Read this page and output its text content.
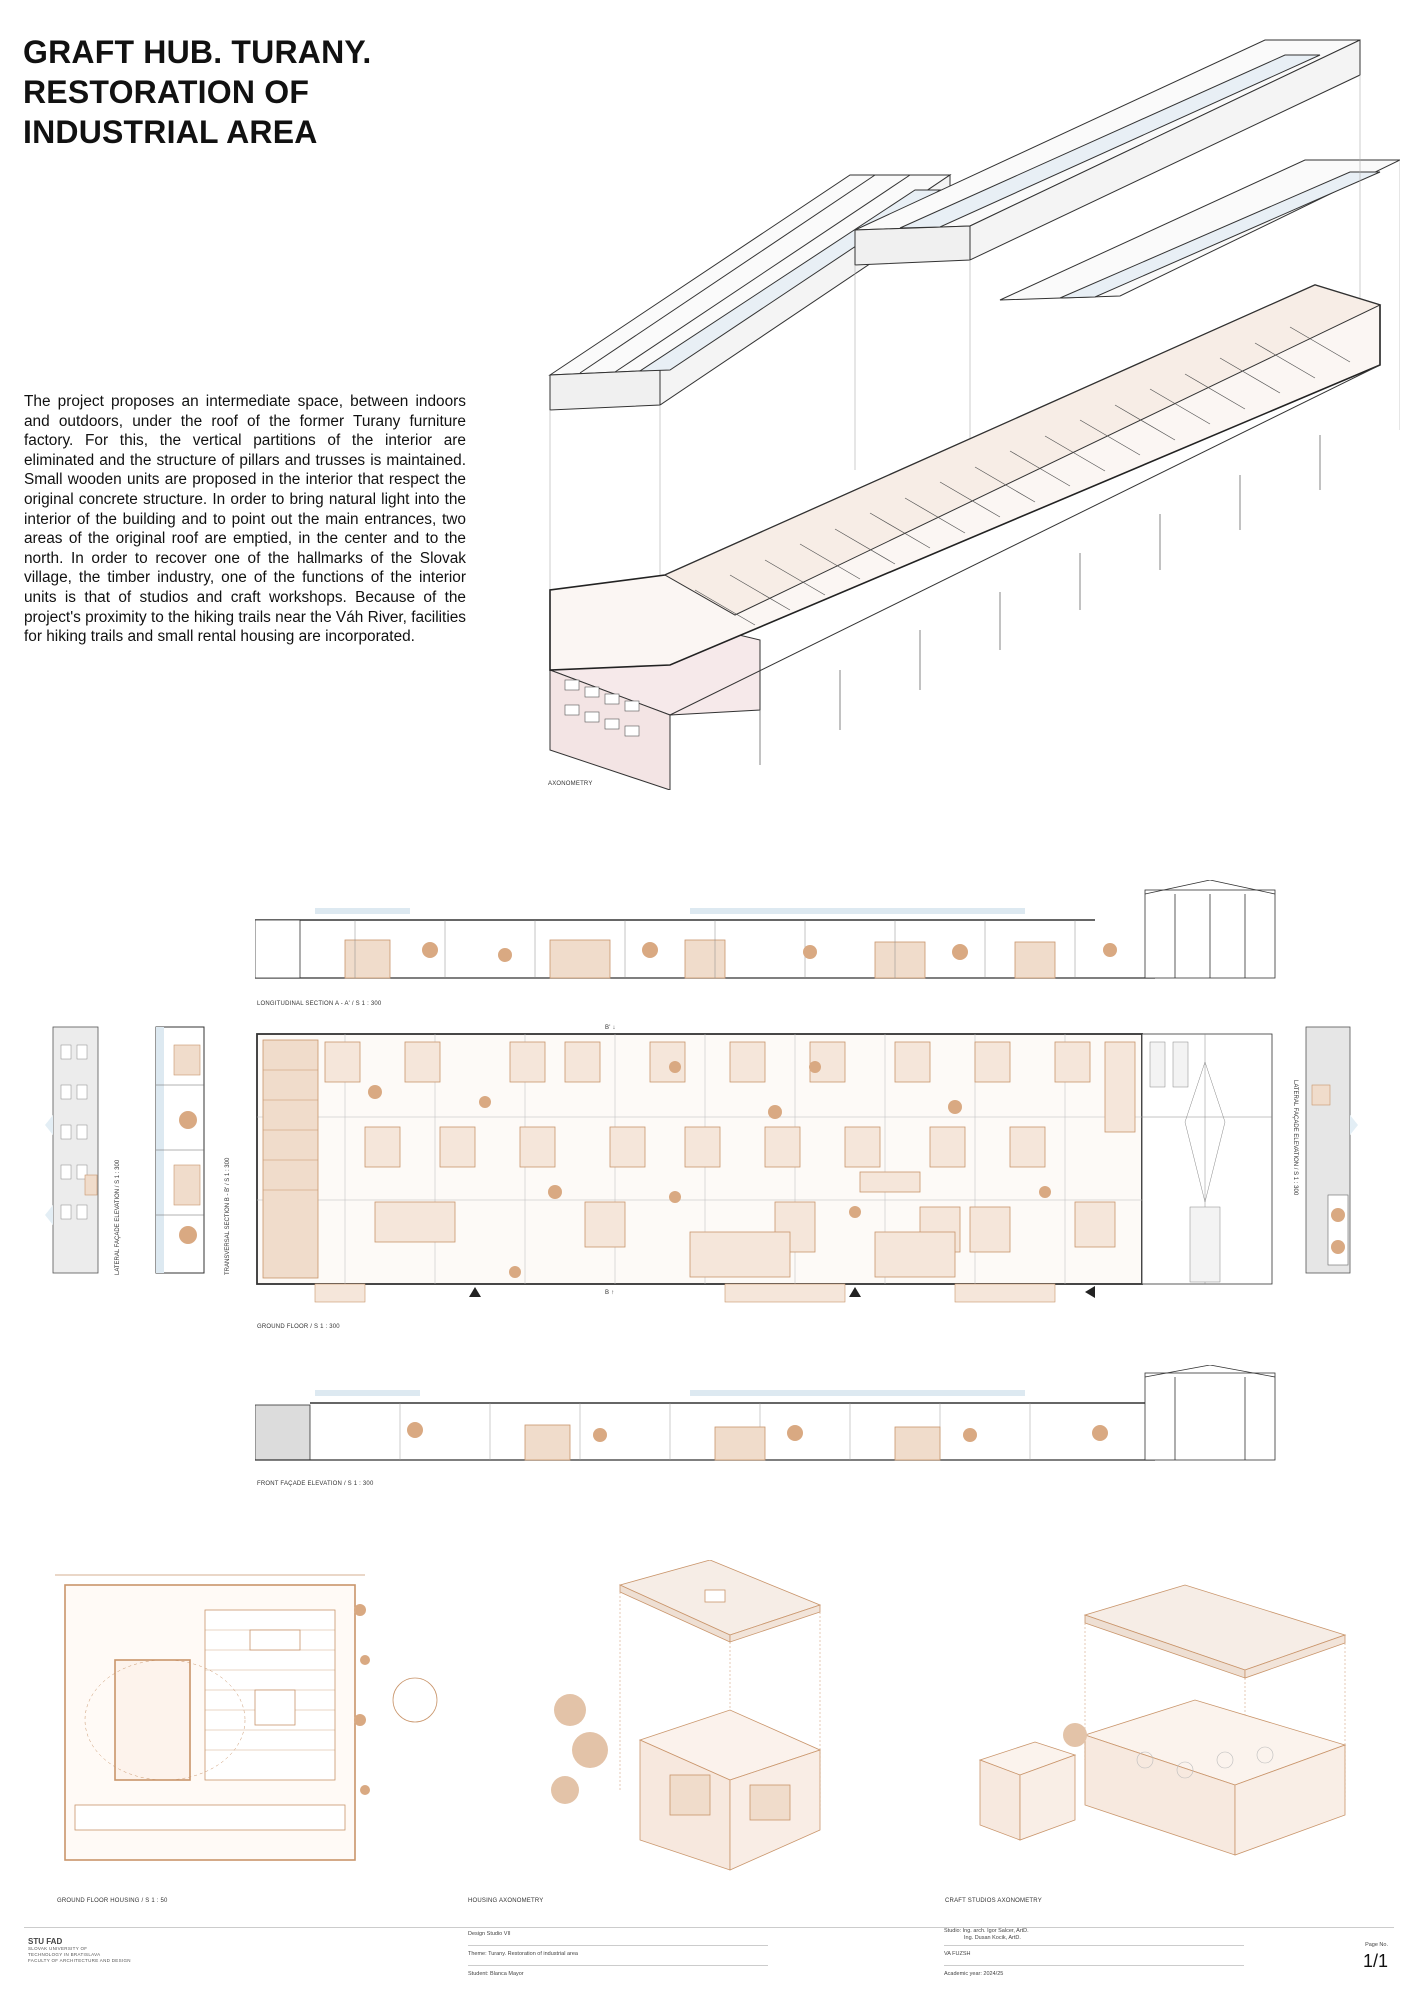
GRAFT HUB. TURANY.
RESTORATION OF
INDUSTRIAL AREA

The project proposes an intermediate space, between indoors and outdoors, under the roof of the former Turany furniture factory. For this, the vertical partitions of the interior are eliminated and the structure of pillars and trusses is maintained. Small wooden units are proposed in the interior that respect the original concrete structure. In order to bring natural light into the interior of the building and to point out the main entrances, two areas of the original roof are emptied, in the center and to the north. In order to recover one of the hallmarks of the Slovak village, the timber industry, one of the functions of the interior units is that of studios and craft workshops. Because of the project's proximity to the hiking trails near the Váh River, facilities for hiking trails and small rental housing are incorporated.

AXONOMETRY
LONGITUDINAL SECTION A - A' / S 1 : 300
LATERAL FAÇADE ELEVATION / S 1 : 300	TRANSVERSAL SECTION B - B' / S 1 : 300
B' ↓
B ↑
GROUND FLOOR / S 1 : 300
LATERAL FAÇADE ELEVATION / S 1 : 300
FRONT FAÇADE ELEVATION / S 1 : 300
GROUND FLOOR HOUSING / S 1 : 50	HOUSING AXONOMETRY	CRAFT STUDIOS AXONOMETRY
STU FAD
SLOVAK UNIVERSITY OF
TECHNOLOGY IN BRATISLAVA
FACULTY OF ARCHITECTURE AND DESIGN
Design Studio VII
Theme: Turany. Restoration of industrial area
Student: Blanca Mayor
Studio: Ing. arch. Igor Salcer, ArtD.
Ing. Dusan Kocik, ArtD.
VA FUZSH
Academic year: 2024/25
Page No.
1/1
